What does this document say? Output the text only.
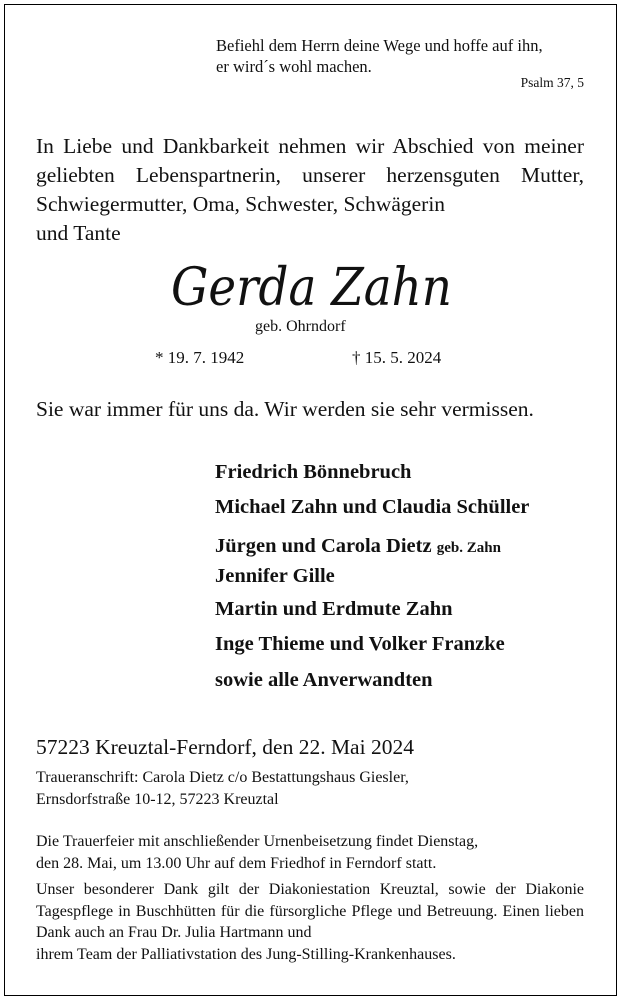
Befiehl dem Herrn deine Wege und hoffe auf ihn,
er wird´s wohl machen.
Psalm 37, 5

In Liebe und Dankbarkeit nehmen wir Abschied von meiner geliebten Lebenspartnerin, unserer herzensguten Mutter, Schwiegermutter, Oma, Schwester, Schwägerin
und Tante

Gerda Zahn
geb. Ohrndorf
* 19. 7. 1942	† 15. 5. 2024
Sie war immer für uns da. Wir werden sie sehr vermissen.
Friedrich Bönnebruch
Michael Zahn und Claudia Schüller
Jürgen und Carola Dietz geb. Zahn
Jennifer Gille
Martin und Erdmute Zahn
Inge Thieme und Volker Franzke
sowie alle Anverwandten
57223 Kreuztal-Ferndorf, den 22. Mai 2024
Traueranschrift: Carola Dietz c/o Bestattungshaus Giesler,
Ernsdorfstraße 10-12, 57223 Kreuztal

Die Trauerfeier mit anschließender Urnenbeisetzung findet Dienstag,
den 28. Mai, um 13.00 Uhr auf dem Friedhof in Ferndorf statt.

Unser besonderer Dank gilt der Diakoniestation Kreuztal, sowie der Diakonie Tagespflege in Buschhütten für die fürsorgliche Pflege und Betreuung. Einen lieben Dank auch an Frau Dr. Julia Hartmann und
ihrem Team der Palliativstation des Jung-Stilling-Krankenhauses.
